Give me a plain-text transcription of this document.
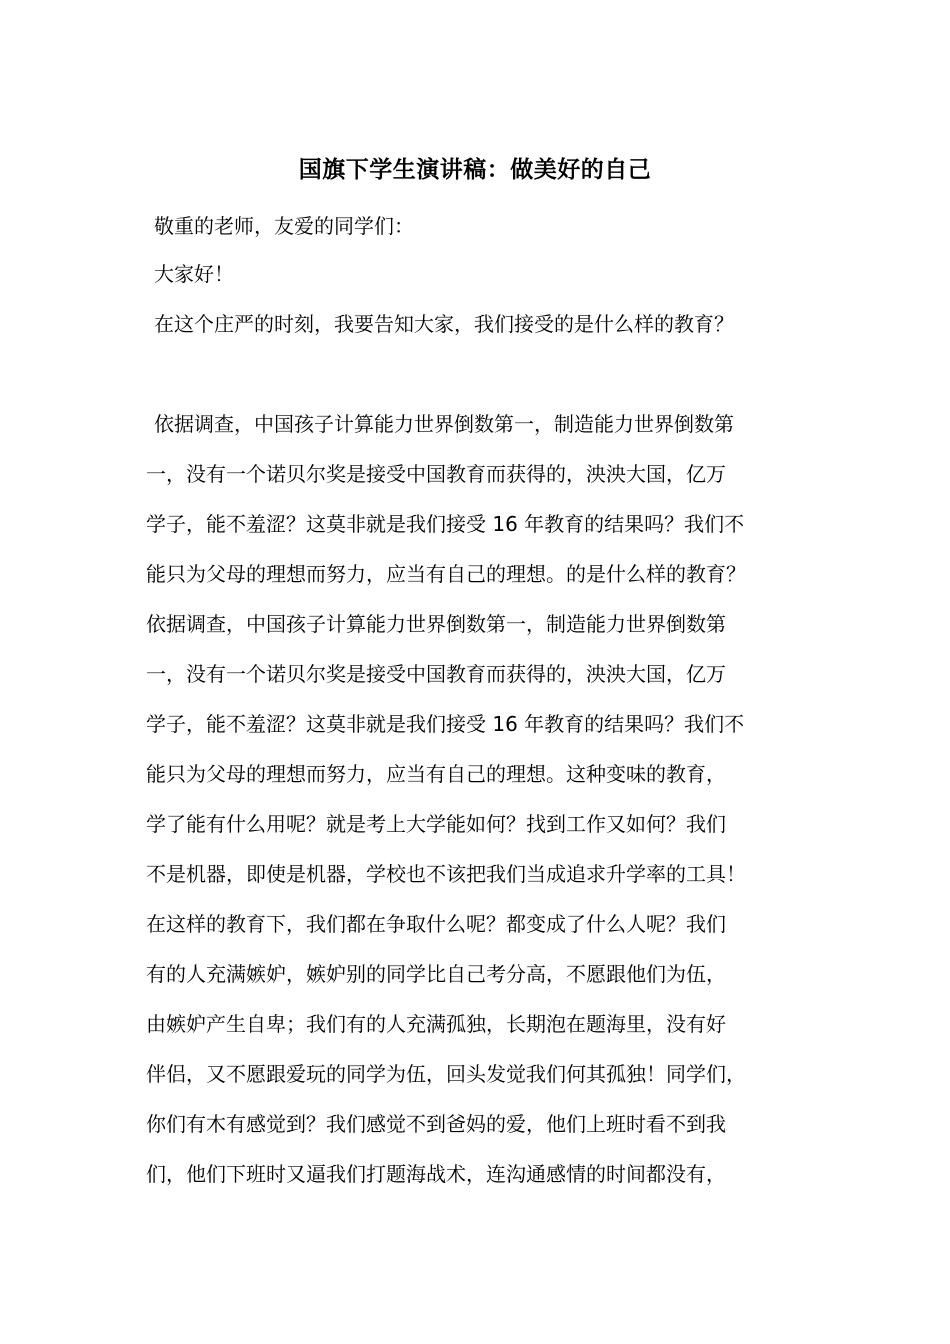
国旗下学生演讲稿：做美好的自己
敬重的老师，友爱的同学们：
大家好！
在这个庄严的时刻，我要告知大家，我们接受的是什么样的教育？
依据调查，中国孩子计算能力世界倒数第一，制造能力世界倒数第
一，没有一个诺贝尔奖是接受中国教育而获得的，泱泱大国，亿万
学子，能不羞涩？这莫非就是我们接受 16 年教育的结果吗？我们不
能只为父母的理想而努力，应当有自己的理想。的是什么样的教育？
依据调查，中国孩子计算能力世界倒数第一，制造能力世界倒数第
一，没有一个诺贝尔奖是接受中国教育而获得的，泱泱大国，亿万
学子，能不羞涩？这莫非就是我们接受 16 年教育的结果吗？我们不
能只为父母的理想而努力，应当有自己的理想。这种变味的教育，
学了能有什么用呢？就是考上大学能如何？找到工作又如何？我们
不是机器，即使是机器，学校也不该把我们当成追求升学率的工具！
在这样的教育下，我们都在争取什么呢？都变成了什么人呢？我们
有的人充满嫉妒，嫉妒别的同学比自己考分高，不愿跟他们为伍，
由嫉妒产生自卑；我们有的人充满孤独，长期泡在题海里，没有好
伴侣，又不愿跟爱玩的同学为伍，回头发觉我们何其孤独！同学们，
你们有木有感觉到？我们感觉不到爸妈的爱，他们上班时看不到我
们，他们下班时又逼我们打题海战术，连沟通感情的时间都没有，
